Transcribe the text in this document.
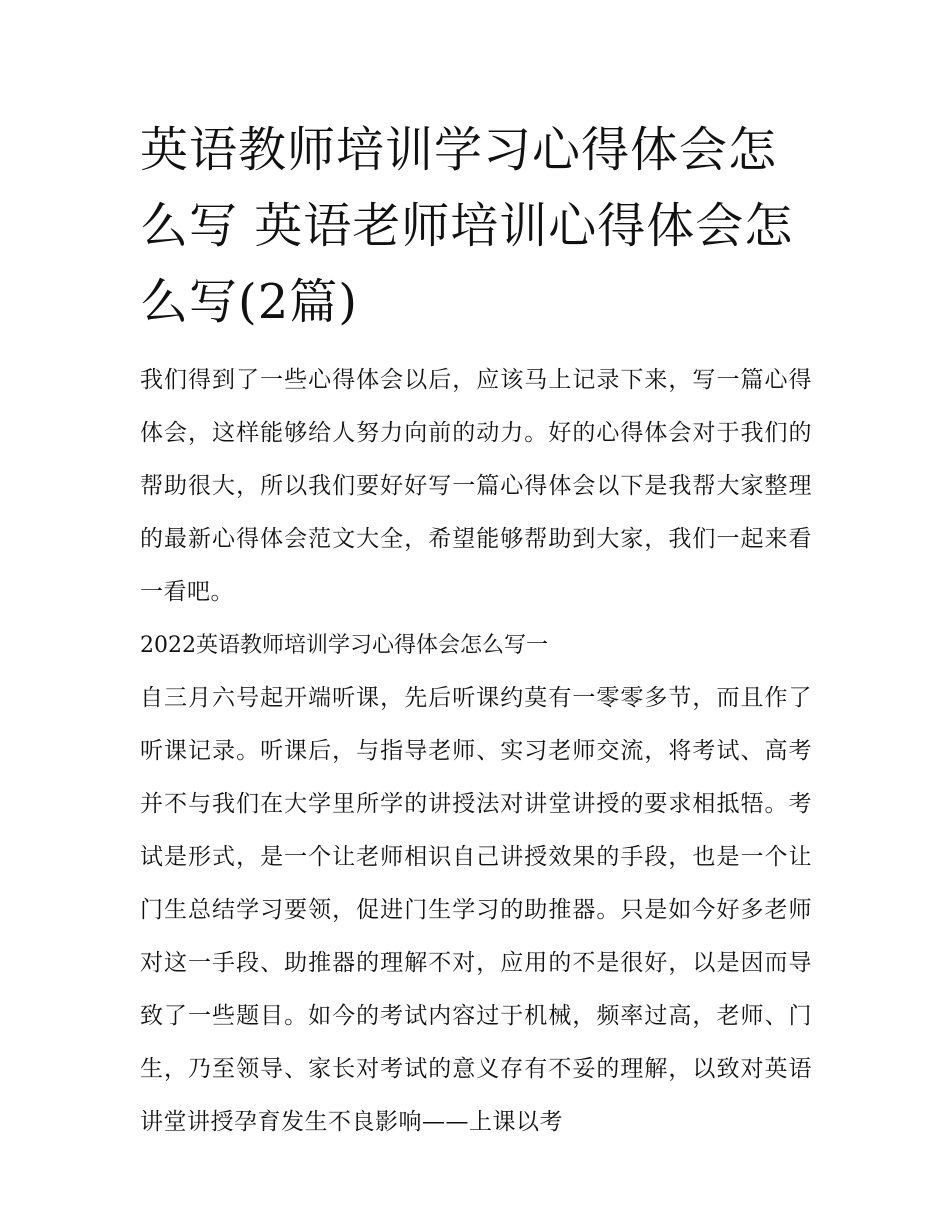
英语教师培训学习心得体会怎么写 英语老师培训心得体会怎么写(2篇)

我们得到了一些心得体会以后，应该马上记录下来，写一篇心得体会，这样能够给人努力向前的动力。好的心得体会对于我们的帮助很大，所以我们要好好写一篇心得体会以下是我帮大家整理的最新心得体会范文大全，希望能够帮助到大家，我们一起来看一看吧。

2022英语教师培训学习心得体会怎么写一

自三月六号起开端听课，先后听课约莫有一零零多节，而且作了听课记录。听课后，与指导老师、实习老师交流，将考试、高考并不与我们在大学里所学的讲授法对讲堂讲授的要求相抵牾。考试是形式，是一个让老师相识自己讲授效果的手段，也是一个让门生总结学习要领，促进门生学习的助推器。只是如今好多老师对这一手段、助推器的理解不对，应用的不是很好，以是因而导致了一些题目。如今的考试内容过于机械，频率过高，老师、门生，乃至领导、家长对考试的意义存有不妥的理解，以致对英语讲堂讲授孕育发生不良影响——上课以考
